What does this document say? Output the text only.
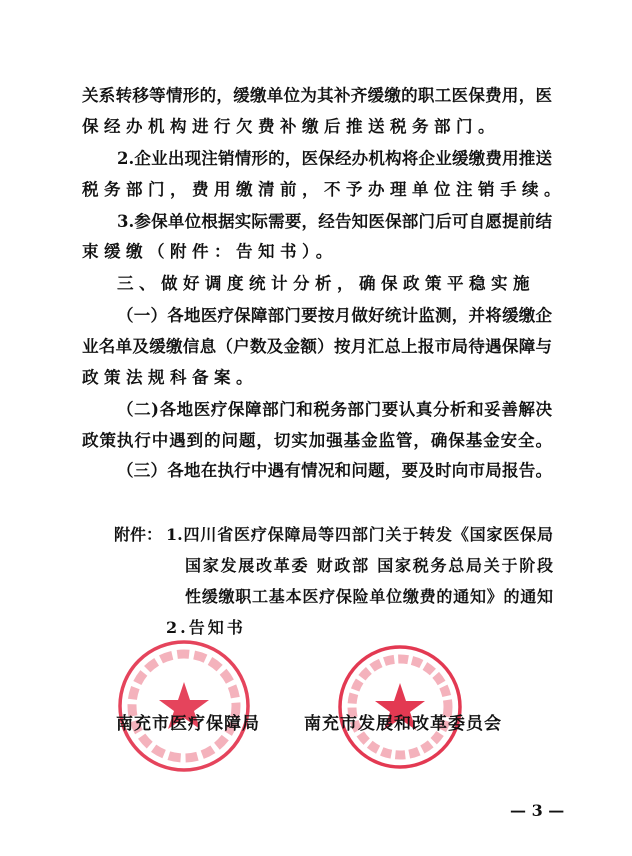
关系转移等情形的，缓缴单位为其补齐缓缴的职工医保费用，医
保经办机构进行欠费补缴后推送税务部门。
2.企业出现注销情形的，医保经办机构将企业缓缴费用推送
税务部门，费用缴清前，不予办理单位注销手续。
3.参保单位根据实际需要，经告知医保部门后可自愿提前结
束缓缴（附件：告知书）。
三、做好调度统计分析，确保政策平稳实施
（一）各地医疗保障部门要按月做好统计监测，并将缓缴企
业名单及缓缴信息（户数及金额）按月汇总上报市局待遇保障与
政策法规科备案。
（二)各地医疗保障部门和税务部门要认真分析和妥善解决
政策执行中遇到的问题，切实加强基金监管，确保基金安全。
（三）各地在执行中遇有情况和问题，要及时向市局报告。
附件： 1.四川省医疗保障局等四部门关于转发《国家医保局
国家发展改革委 财政部 国家税务总局关于阶段
性缓缴职工基本医疗保险单位缴费的通知》的通知
2.告知书
南充市医疗保障局	南充市发展和改革委员会
— 3 —
